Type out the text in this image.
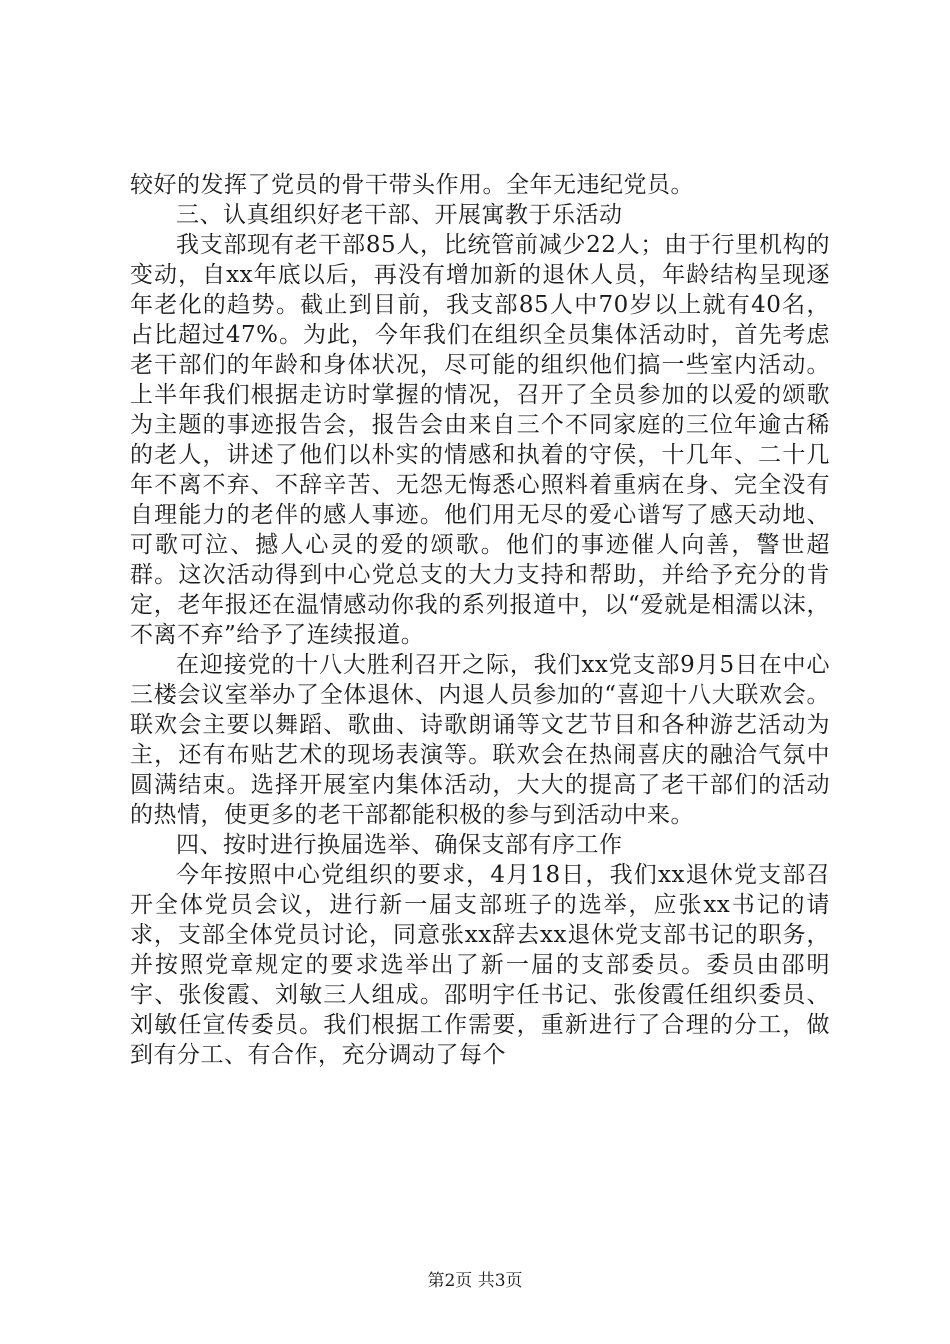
较好的发挥了党员的骨干带头作用。全年无违纪党员。

三、认真组织好老干部、开展寓教于乐活动

我支部现有老干部85人，比统管前减少22人；由于行里机构的变动，自xx年底以后，再没有增加新的退休人员，年龄结构呈现逐年老化的趋势。截止到目前，我支部85人中70岁以上就有40名，占比超过47%。为此，今年我们在组织全员集体活动时，首先考虑老干部们的年龄和身体状况，尽可能的组织他们搞一些室内活动。上半年我们根据走访时掌握的情况，召开了全员参加的以爱的颂歌为主题的事迹报告会，报告会由来自三个不同家庭的三位年逾古稀的老人，讲述了他们以朴实的情感和执着的守侯，十几年、二十几年不离不弃、不辞辛苦、无怨无悔悉心照料着重病在身、完全没有自理能力的老伴的感人事迹。他们用无尽的爱心谱写了感天动地、可歌可泣、撼人心灵的爱的颂歌。他们的事迹催人向善，警世超群。这次活动得到中心党总支的大力支持和帮助，并给予充分的肯定，老年报还在温情感动你我的系列报道中，以“爱就是相濡以沫，不离不弃”给予了连续报道。

在迎接党的十八大胜利召开之际，我们xx党支部9月5日在中心三楼会议室举办了全体退休、内退人员参加的“喜迎十八大联欢会。联欢会主要以舞蹈、歌曲、诗歌朗诵等文艺节目和各种游艺活动为主，还有布贴艺术的现场表演等。联欢会在热闹喜庆的融洽气氛中圆满结束。选择开展室内集体活动，大大的提高了老干部们的活动的热情，使更多的老干部都能积极的参与到活动中来。

四、按时进行换届选举、确保支部有序工作

今年按照中心党组织的要求，4月18日，我们xx退休党支部召开全体党员会议，进行新一届支部班子的选举，应张xx书记的请求，支部全体党员讨论，同意张xx辞去xx退休党支部书记的职务，并按照党章规定的要求选举出了新一届的支部委员。委员由邵明宇、张俊霞、刘敏三人组成。邵明宇任书记、张俊霞任组织委员、刘敏任宣传委员。我们根据工作需要，重新进行了合理的分工，做到有分工、有合作，充分调动了每个

第2页 共3页
